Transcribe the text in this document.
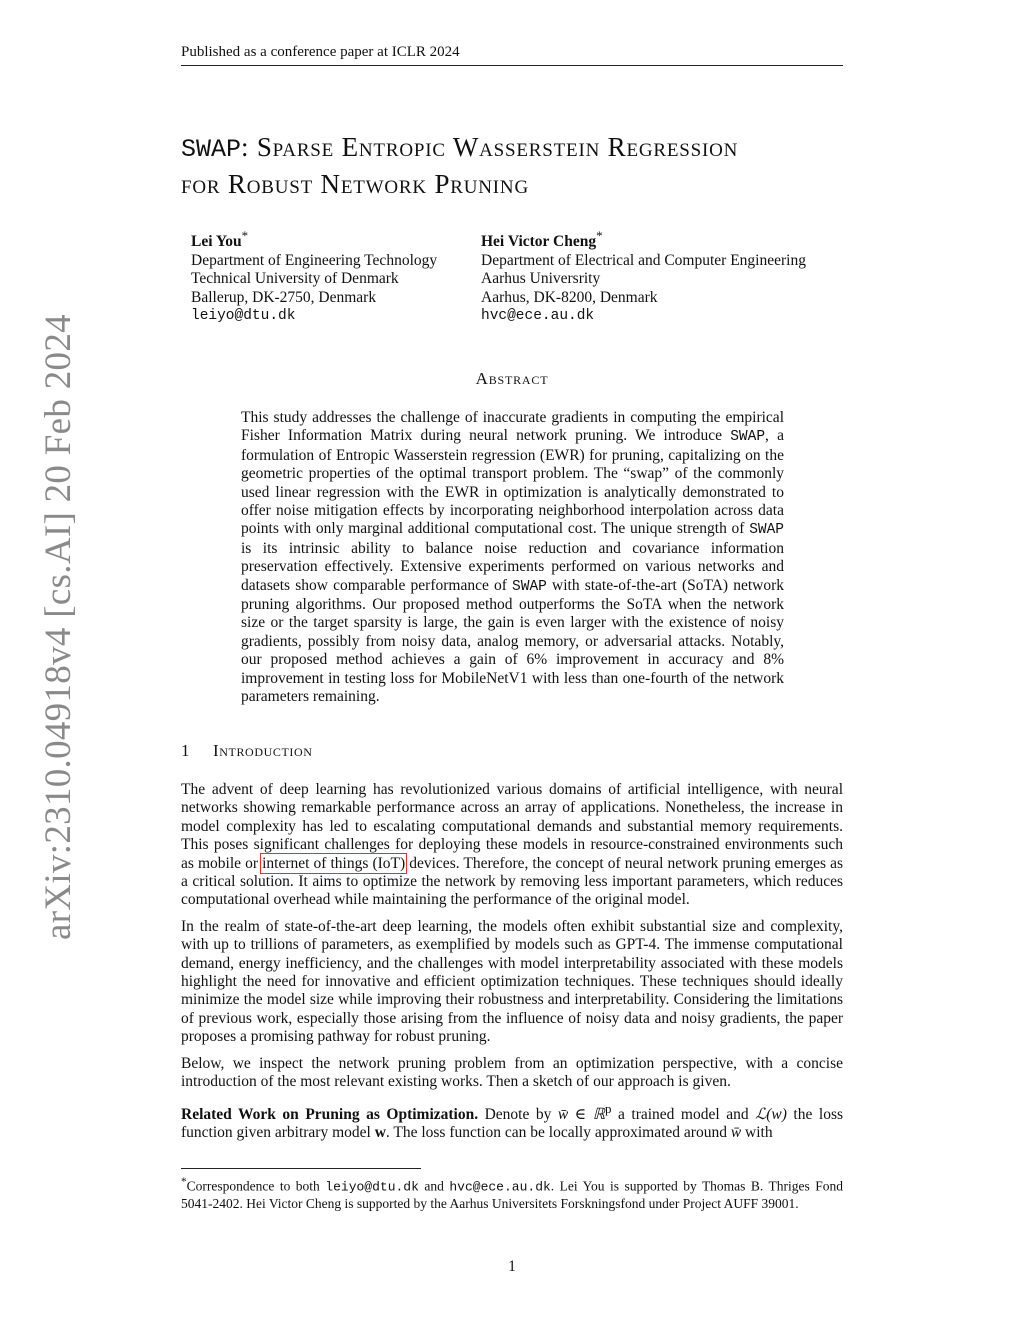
Published as a conference paper at ICLR 2024
arXiv:2310.04918v4 [cs.AI] 20 Feb 2024
SWAP: Sparse Entropic Wasserstein Regression
for Robust Network Pruning
Lei You*
Department of Engineering Technology
Technical University of Denmark
Ballerup, DK-2750, Denmark
leiyo@dtu.dk
Hei Victor Cheng*
Department of Electrical and Computer Engineering
Aarhus Universrity
Aarhus, DK-8200, Denmark
hvc@ece.au.dk
Abstract
This study addresses the challenge of inaccurate gradients in computing the empirical Fisher Information Matrix during neural network pruning. We introduce SWAP, a formulation of Entropic Wasserstein regression (EWR) for pruning, capitalizing on the geometric properties of the optimal transport problem. The “swap” of the commonly used linear regression with the EWR in optimization is analytically demonstrated to offer noise mitigation effects by incorporating neighborhood interpolation across data points with only marginal additional computational cost. The unique strength of SWAP is its intrinsic ability to balance noise reduction and covariance information preservation effectively. Extensive experiments performed on various networks and datasets show comparable performance of SWAP with state-of-the-art (SoTA) network pruning algorithms. Our proposed method outperforms the SoTA when the network size or the target sparsity is large, the gain is even larger with the existence of noisy gradients, possibly from noisy data, analog memory, or adversarial attacks. Notably, our proposed method achieves a gain of 6% improvement in accuracy and 8% improvement in testing loss for MobileNetV1 with less than one-fourth of the network parameters remaining.
1 Introduction

The advent of deep learning has revolutionized various domains of artificial intelligence, with neural networks showing remarkable performance across an array of applications. Nonetheless, the increase in model complexity has led to escalating computational demands and substantial memory requirements. This poses significant challenges for deploying these models in resource-constrained environments such as mobile or internet of things (IoT) devices. Therefore, the concept of neural network pruning emerges as a critical solution. It aims to optimize the network by removing less important parameters, which reduces computational overhead while maintaining the performance of the original model.

In the realm of state-of-the-art deep learning, the models often exhibit substantial size and complexity, with up to trillions of parameters, as exemplified by models such as GPT-4. The immense computational demand, energy inefficiency, and the challenges with model interpretability associated with these models highlight the need for innovative and efficient optimization techniques. These techniques should ideally minimize the model size while improving their robustness and interpretability. Considering the limitations of previous work, especially those arising from the influence of noisy data and noisy gradients, the paper proposes a promising pathway for robust pruning.

Below, we inspect the network pruning problem from an optimization perspective, with a concise introduction of the most relevant existing works. Then a sketch of our approach is given.

Related Work on Pruning as Optimization. Denote by w̄ ∈ ℝ$^p$ a trained model and ℒ(w) the loss function given arbitrary model w. The loss function can be locally approximated around w̄ with

*Correspondence to both leiyo@dtu.dk and hvc@ece.au.dk. Lei You is supported by Thomas B. Thriges Fond 5041-2402. Hei Victor Cheng is supported by the Aarhus Universitets Forskningsfond under Project AUFF 39001.
1
